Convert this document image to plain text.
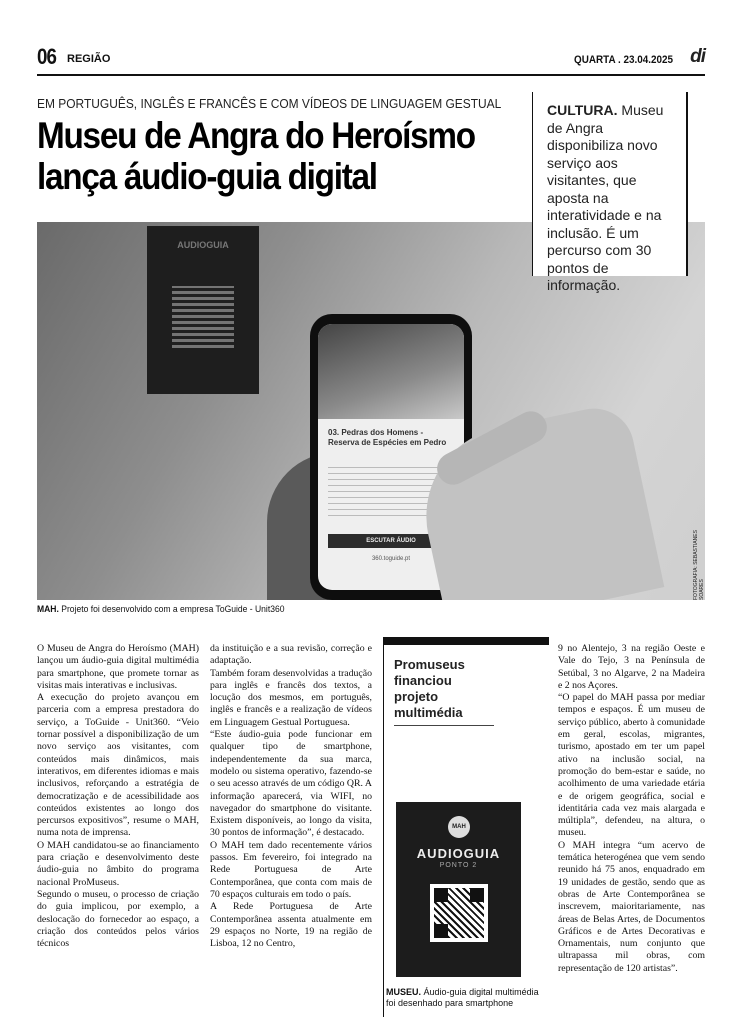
06 REGIÃO	QUARTA . 23.04.2025 di
EM PORTUGUÊS, INGLÊS E FRANCÊS E COM VÍDEOS DE LINGUAGEM GESTUAL
Museu de Angra do Heroísmo
lança áudio-guia digital
AUDIOGUIA
03. Pedras dos Homens - Reserva de Espécies em Pedro
ESCUTAR ÁUDIO
360.toguide.pt	FOTOGRAFIA: SEBASTIANES SOARES
CULTURA. Museu de Angra disponibiliza novo serviço aos visitantes, que aposta na interatividade e na inclusão. É um percurso com 30 pontos de informação.
MAH. Projeto foi desenvolvido com a empresa ToGuide - Unit360

O Museu de Angra do Heroísmo (MAH) lançou um áudio-guia digital multimédia para smartphone, que promete tornar as visitas mais interativas e inclusivas.

A execução do projeto avançou em parceria com a empresa prestadora do serviço, a ToGuide - Unit360. “Veio tornar possível a disponibilização de um novo serviço aos visitantes, com conteúdos mais dinâmicos, mais interativos, em diferentes idiomas e mais inclusivos, reforçando a estratégia de democratização e de acessibilidade aos conteúdos existentes ao longo dos percursos expositivos”, resume o MAH, numa nota de imprensa.

O MAH candidatou-se ao financiamento para criação e desenvolvimento deste áudio-guia no âmbito do programa nacional ProMuseus.

Segundo o museu, o processo de criação do guia implicou, por exemplo, a deslocação do fornecedor ao espaço, a criação dos conteúdos pelos vários técnicos

da instituição e a sua revisão, correção e adaptação.

Também foram desenvolvidas a tradução para inglês e francês dos textos, a locução dos mesmos, em português, inglês e francês e a realização de vídeos em Linguagem Gestual Portuguesa.

“Este áudio-guia pode funcionar em qualquer tipo de smartphone, independentemente da sua marca, modelo ou sistema operativo, fazendo-se o seu acesso através de um código QR. A informação aparecerá, via WIFI, no navegador do smartphone do visitante. Existem disponíveis, ao longo da visita, 30 pontos de informação”, é destacado.

O MAH tem dado recentemente vários passos. Em fevereiro, foi integrado na Rede Portuguesa de Arte Contemporânea, que conta com mais de 70 espaços culturais em todo o país.

A Rede Portuguesa de Arte Contemporânea assenta atualmente em 29 espaços no Norte, 19 na região de Lisboa, 12 no Centro,

Promuseus financiou projeto multimédia
MAH
AUDIOGUIA
PONTO 2
MUSEU. Áudio-guia digital multimédia foi desenhado para smartphone

9 no Alentejo, 3 na região Oeste e Vale do Tejo, 3 na Península de Setúbal, 3 no Algarve, 2 na Madeira e 2 nos Açores.

“O papel do MAH passa por mediar tempos e espaços. É um museu de serviço público, aberto à comunidade em geral, escolas, migrantes, turismo, apostado em ter um papel ativo na inclusão social, na promoção do bem-estar e saúde, no acolhimento de uma variedade etária e de origem geográfica, social e identitária cada vez mais alargada e múltipla”, defendeu, na altura, o museu.

O MAH integra “um acervo de temática heterogénea que vem sendo reunido há 75 anos, enquadrado em 19 unidades de gestão, sendo que as obras de Arte Contemporânea se inscrevem, maioritariamente, nas áreas de Belas Artes, de Documentos Gráficos e de Artes Decorativas e Ornamentais, num conjunto que ultrapassa mil obras, com representação de 120 artistas”.
